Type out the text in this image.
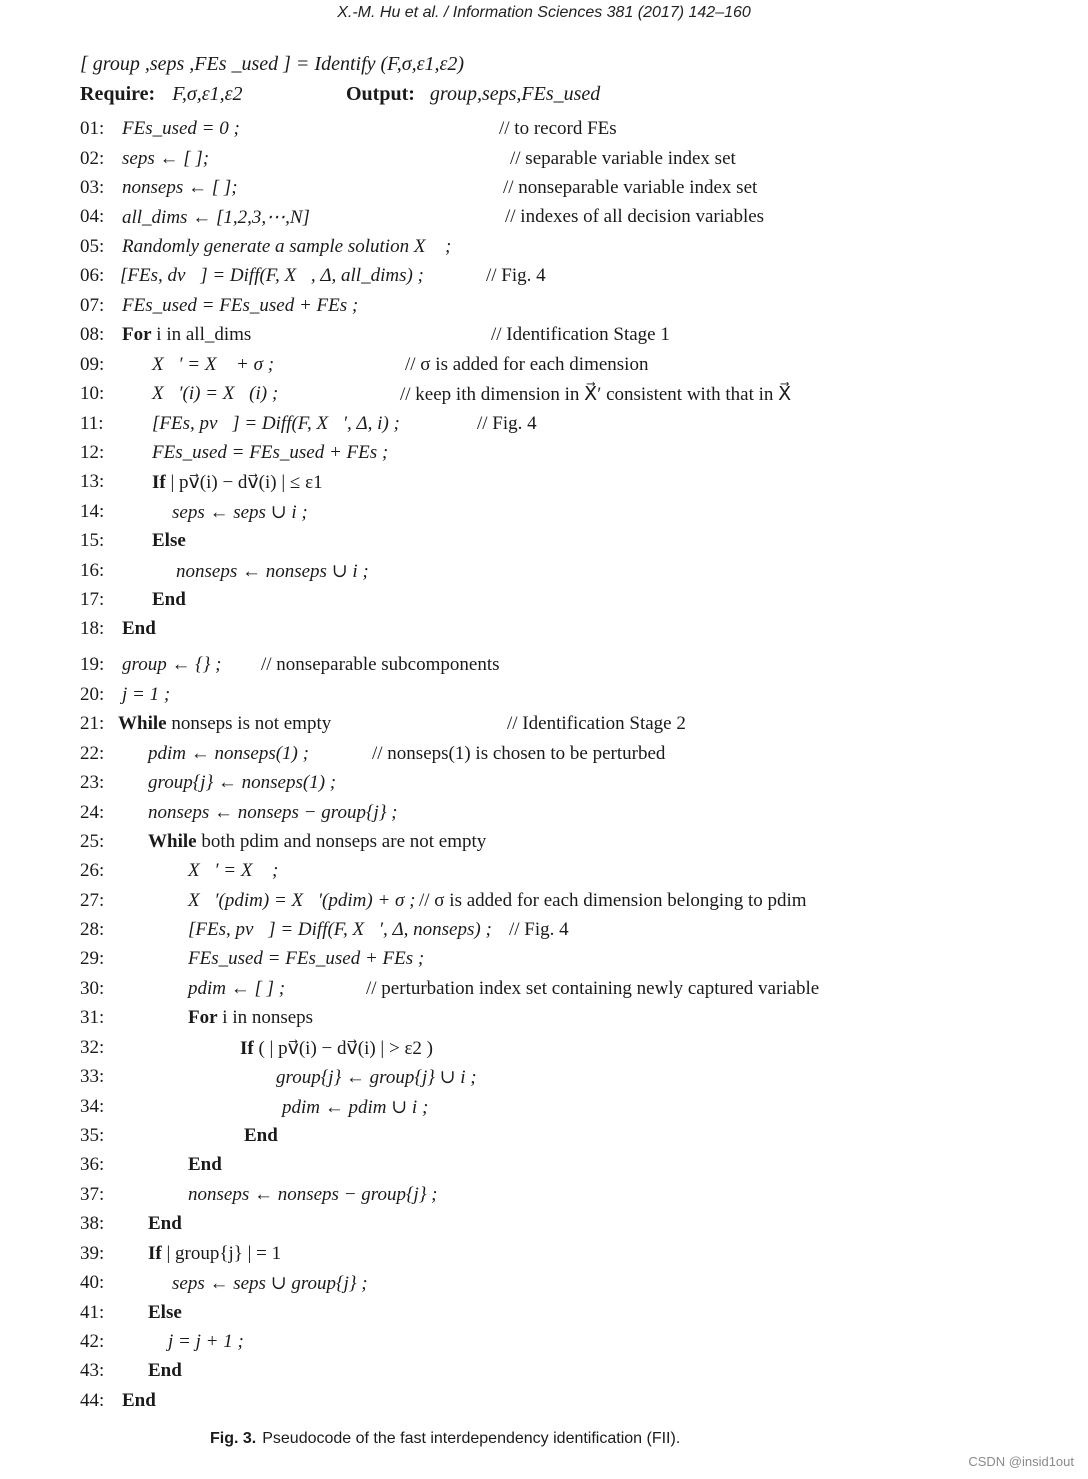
X.-M. Hu et al. / Information Sciences 381 (2017) 142–160
[ group ,seps ,FEs _used ] = Identify (F,σ,ε1,ε2)
Require: F,σ,ε1,ε2	Output: group,seps,FEs_used
01: FEs_used = 0 ;	// to record FEs
02: seps ← [ ];	// separable variable index set
03: nonseps ← [ ];	// nonseparable variable index set
04: all_dims ← [1,2,3,⋯,N]	// indexes of all decision variables
05: Randomly generate a sample solution X⃗ ;
06: [FEs, dv⃗] = Diff(F, X⃗, Δ, all_dims) ;	// Fig. 4
07: FEs_used = FEs_used + FEs ;
08: For i in all_dims	// Identification Stage 1
09:	X⃗′ = X⃗ + σ ;	// σ is added for each dimension
10:	X⃗′(i) = X⃗(i) ;	// keep ith dimension in X⃗′ consistent with that in X⃗
11:	[FEs, pv⃗] = Diff(F, X⃗′, Δ, i) ;	// Fig. 4
12:	FEs_used = FEs_used + FEs ;
13:	If | pv⃗(i) − dv⃗(i) | ≤ ε1
14:	seps ← seps ∪ i ;
15:	Else
16:	nonseps ← nonseps ∪ i ;
17:	End
18: End
19: group ← {} ; // nonseparable subcomponents
20: j = 1 ;
21: While nonseps is not empty	// Identification Stage 2
22: pdim ← nonseps(1) ;	// nonseps(1) is chosen to be perturbed
23: group{j} ← nonseps(1) ;
24: nonseps ← nonseps − group{j} ;
25: While both pdim and nonseps are not empty
26:	X⃗′ = X⃗ ;
27:	X⃗′(pdim) = X⃗′(pdim) + σ ; // σ is added for each dimension belonging to pdim
28:	[FEs, pv⃗] = Diff(F, X⃗′, Δ, nonseps) ; // Fig. 4
29:	FEs_used = FEs_used + FEs ;
30:	pdim ← [ ] ;	// perturbation index set containing newly captured variable
31:	For i in nonseps
32:	If ( | pv⃗(i) − dv⃗(i) | > ε2 )
33:	group{j} ← group{j} ∪ i ;
34:	pdim ← pdim ∪ i ;
35:	End
36:	End
37:	nonseps ← nonseps − group{j} ;
38: End
39: If | group{j} | = 1
40:	seps ← seps ∪ group{j} ;
41: Else
42:	j = j + 1 ;
43: End
44: End
Fig. 3. Pseudocode of the fast interdependency identification (FII).
CSDN @insid1out
